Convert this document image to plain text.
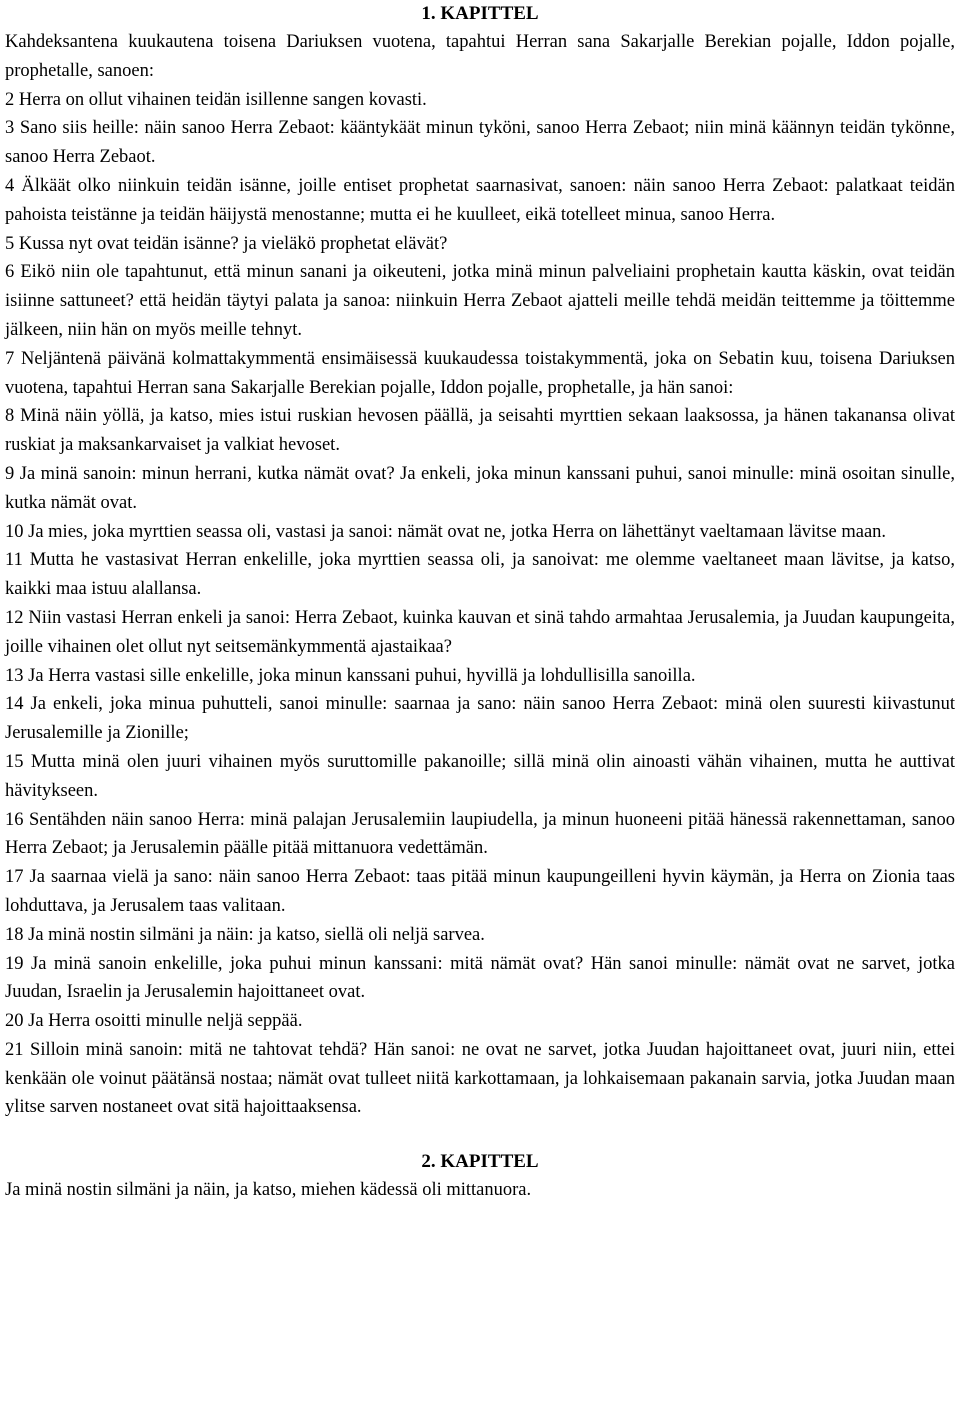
1. KAPITTEL

Kahdeksantena kuukautena toisena Dariuksen vuotena, tapahtui Herran sana Sakarjalle Berekian pojalle, Iddon pojalle, prophetalle, sanoen:

2 Herra on ollut vihainen teidän isillenne sangen kovasti.

3 Sano siis heille: näin sanoo Herra Zebaot: kääntykäät minun tyköni, sanoo Herra Zebaot; niin minä käännyn teidän tykönne, sanoo Herra Zebaot.

4 Älkäät olko niinkuin teidän isänne, joille entiset prophetat saarnasivat, sanoen: näin sanoo Herra Zebaot: palatkaat teidän pahoista teistänne ja teidän häijystä menostanne; mutta ei he kuulleet, eikä totelleet minua, sanoo Herra.

5 Kussa nyt ovat teidän isänne? ja vieläkö prophetat elävät?

6 Eikö niin ole tapahtunut, että minun sanani ja oikeuteni, jotka minä minun palveliaini prophetain kautta käskin, ovat teidän isiinne sattuneet? että heidän täytyi palata ja sanoa: niinkuin Herra Zebaot ajatteli meille tehdä meidän teittemme ja töittemme jälkeen, niin hän on myös meille tehnyt.

7 Neljäntenä päivänä kolmattakymmentä ensimäisessä kuukaudessa toistakymmentä, joka on Sebatin kuu, toisena Dariuksen vuotena, tapahtui Herran sana Sakarjalle Berekian pojalle, Iddon pojalle, prophetalle, ja hän sanoi:

8 Minä näin yöllä, ja katso, mies istui ruskian hevosen päällä, ja seisahti myrttien sekaan laaksossa, ja hänen takanansa olivat ruskiat ja maksankarvaiset ja valkiat hevoset.

9 Ja minä sanoin: minun herrani, kutka nämät ovat? Ja enkeli, joka minun kanssani puhui, sanoi minulle: minä osoitan sinulle, kutka nämät ovat.

10 Ja mies, joka myrttien seassa oli, vastasi ja sanoi: nämät ovat ne, jotka Herra on lähettänyt vaeltamaan lävitse maan.

11 Mutta he vastasivat Herran enkelille, joka myrttien seassa oli, ja sanoivat: me olemme vaeltaneet maan lävitse, ja katso, kaikki maa istuu alallansa.

12 Niin vastasi Herran enkeli ja sanoi: Herra Zebaot, kuinka kauvan et sinä tahdo armahtaa Jerusalemia, ja Juudan kaupungeita, joille vihainen olet ollut nyt seitsemänkymmentä ajastaikaa?

13 Ja Herra vastasi sille enkelille, joka minun kanssani puhui, hyvillä ja lohdullisilla sanoilla.

14 Ja enkeli, joka minua puhutteli, sanoi minulle: saarnaa ja sano: näin sanoo Herra Zebaot: minä olen suuresti kiivastunut Jerusalemille ja Zionille;

15 Mutta minä olen juuri vihainen myös suruttomille pakanoille; sillä minä olin ainoasti vähän vihainen, mutta he auttivat hävitykseen.

16 Sentähden näin sanoo Herra: minä palajan Jerusalemiin laupiudella, ja minun huoneeni pitää hänessä rakennettaman, sanoo Herra Zebaot; ja Jerusalemin päälle pitää mittanuora vedettämän.

17 Ja saarnaa vielä ja sano: näin sanoo Herra Zebaot: taas pitää minun kaupungeilleni hyvin käymän, ja Herra on Zionia taas lohduttava, ja Jerusalem taas valitaan.

18 Ja minä nostin silmäni ja näin: ja katso, siellä oli neljä sarvea.

19 Ja minä sanoin enkelille, joka puhui minun kanssani: mitä nämät ovat? Hän sanoi minulle: nämät ovat ne sarvet, jotka Juudan, Israelin ja Jerusalemin hajoittaneet ovat.

20 Ja Herra osoitti minulle neljä seppää.

21 Silloin minä sanoin: mitä ne tahtovat tehdä? Hän sanoi: ne ovat ne sarvet, jotka Juudan hajoittaneet ovat, juuri niin, ettei kenkään ole voinut päätänsä nostaa; nämät ovat tulleet niitä karkottamaan, ja lohkaisemaan pakanain sarvia, jotka Juudan maan ylitse sarven nostaneet ovat sitä hajoittaaksensa.

2. KAPITTEL

Ja minä nostin silmäni ja näin, ja katso, miehen kädessä oli mittanuora.
